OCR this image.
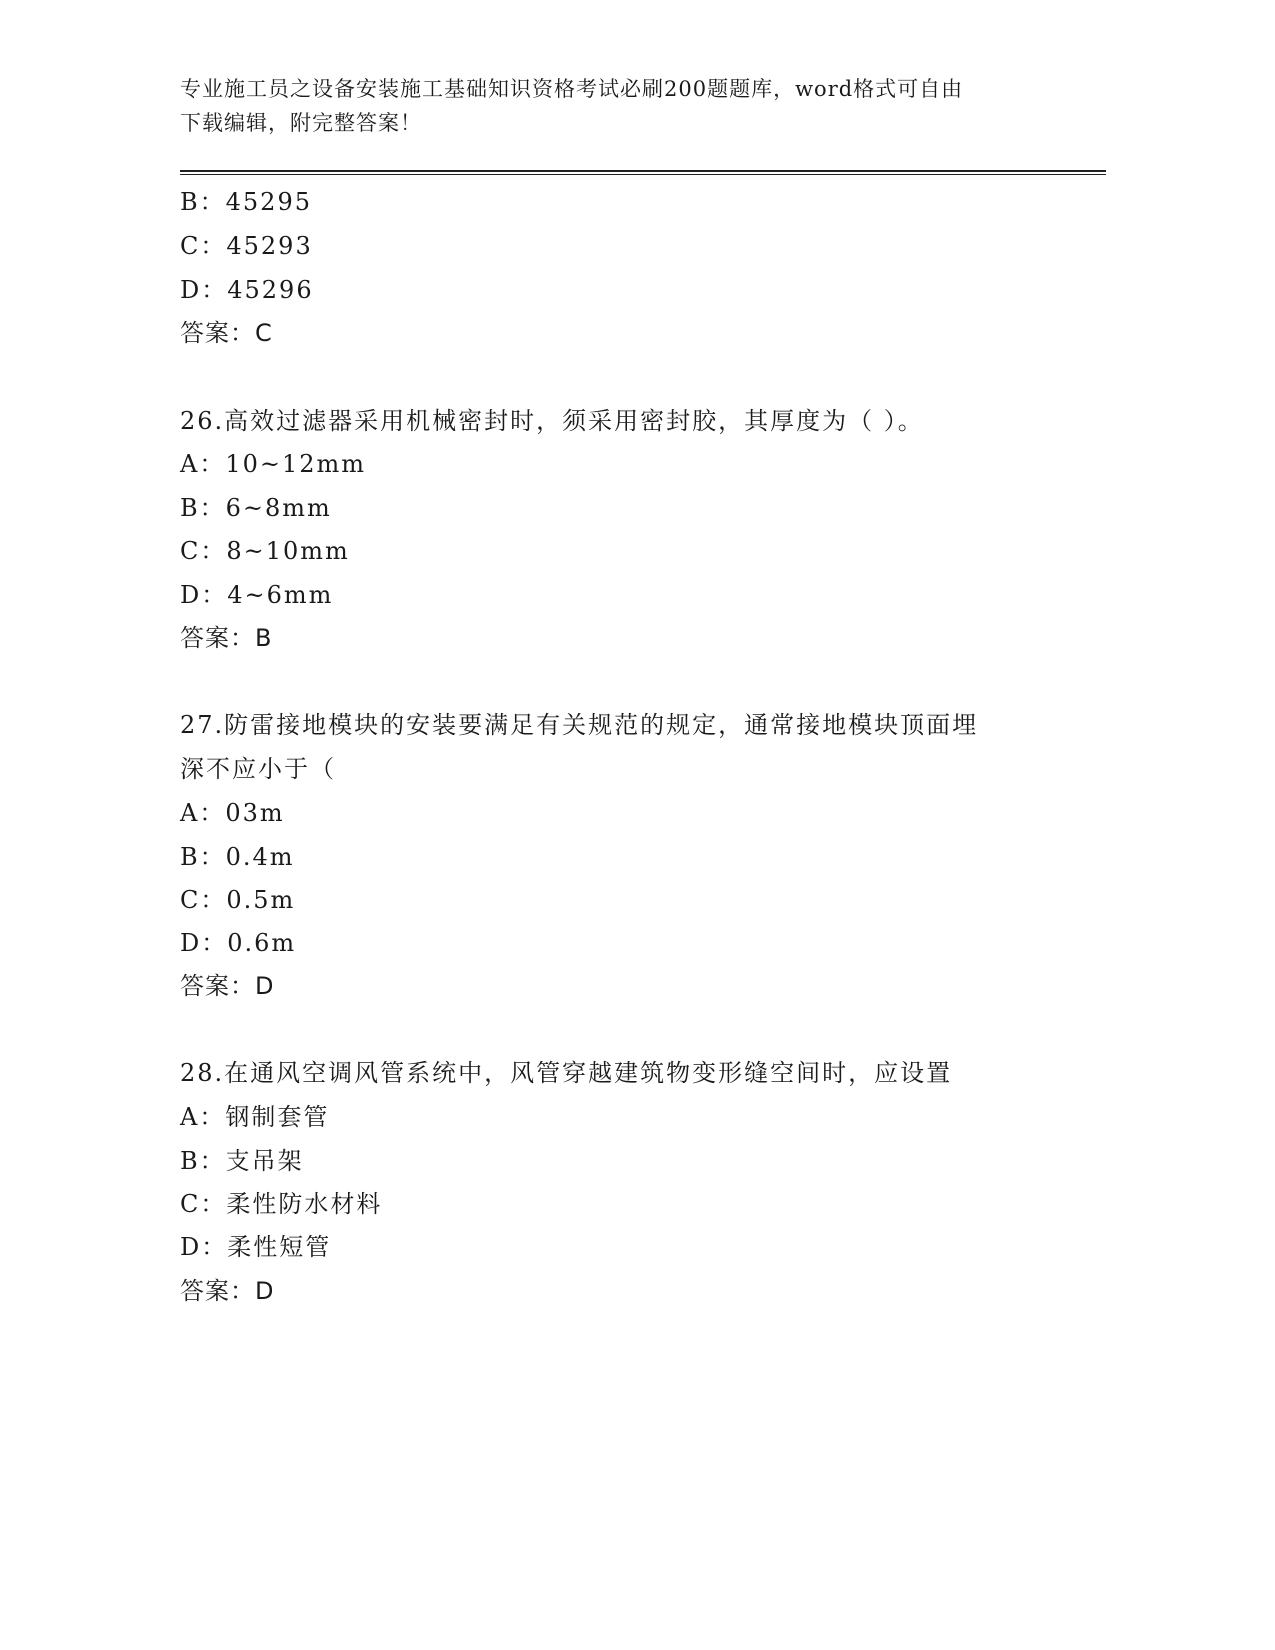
专业施工员之设备安装施工基础知识资格考试必刷200题题库，word格式可自由
下载编辑，附完整答案！
B：45295
C：45293
D：45296
答案：C
26.高效过滤器采用机械密封时，须采用密封胶，其厚度为（ ）。
A：10~12mm
B：6~8mm
C：8~10mm
D：4~6mm
答案：B
27.防雷接地模块的安装要满足有关规范的规定，通常接地模块顶面埋
深不应小于（
A：03m
B：0.4m
C：0.5m
D：0.6m
答案：D
28.在通风空调风管系统中，风管穿越建筑物变形缝空间时，应设置
A：钢制套管
B：支吊架
C：柔性防水材料
D：柔性短管
答案：D
